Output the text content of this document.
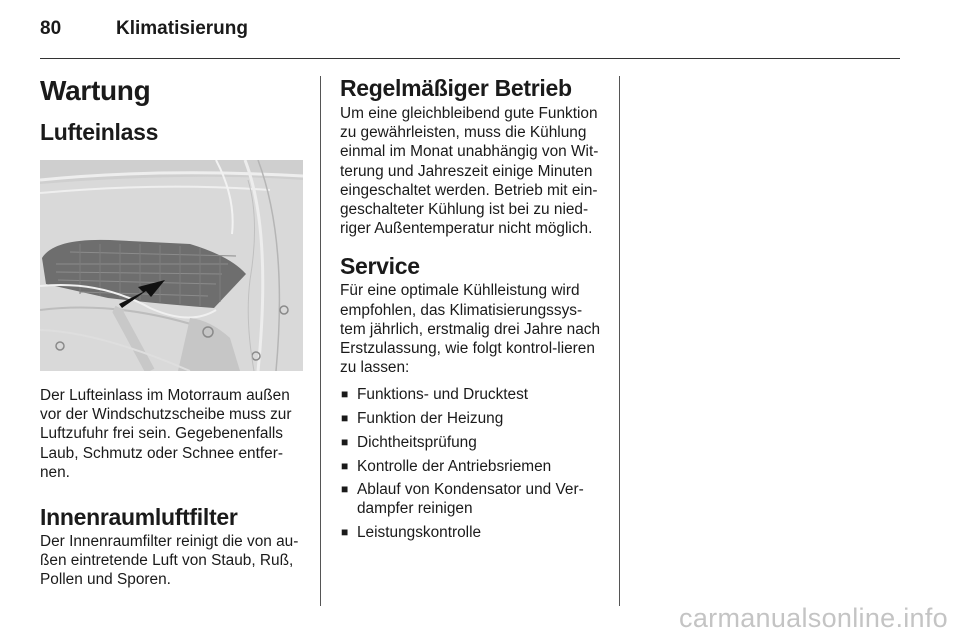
80	Klimatisierung
Wartung
Lufteinlass

Der Lufteinlass im Motorraum außen vor der Windschutzscheibe muss zur Luftzufuhr frei sein. Gegebenenfalls Laub, Schmutz oder Schnee entfer-nen.

Innenraumluftfilter

Der Innenraumfilter reinigt die von au-ßen eintretende Luft von Staub, Ruß, Pollen und Sporen.

Regelmäßiger Betrieb

Um eine gleichbleibend gute Funktion zu gewährleisten, muss die Kühlung einmal im Monat unabhängig von Wit-terung und Jahreszeit einige Minuten eingeschaltet werden. Betrieb mit ein-geschalteter Kühlung ist bei zu nied-riger Außentemperatur nicht möglich.

Service

Für eine optimale Kühlleistung wird empfohlen, das Klimatisierungssys-tem jährlich, erstmalig drei Jahre nach Erstzulassung, wie folgt kontrol-lieren zu lassen:

■ Funktions- und Drucktest
■ Funktion der Heizung
■ Dichtheitsprüfung
■ Kontrolle der Antriebsriemen
■ Ablauf von Kondensator und Ver-dampfer reinigen
■ Leistungskontrolle
carmanualsonline.info
